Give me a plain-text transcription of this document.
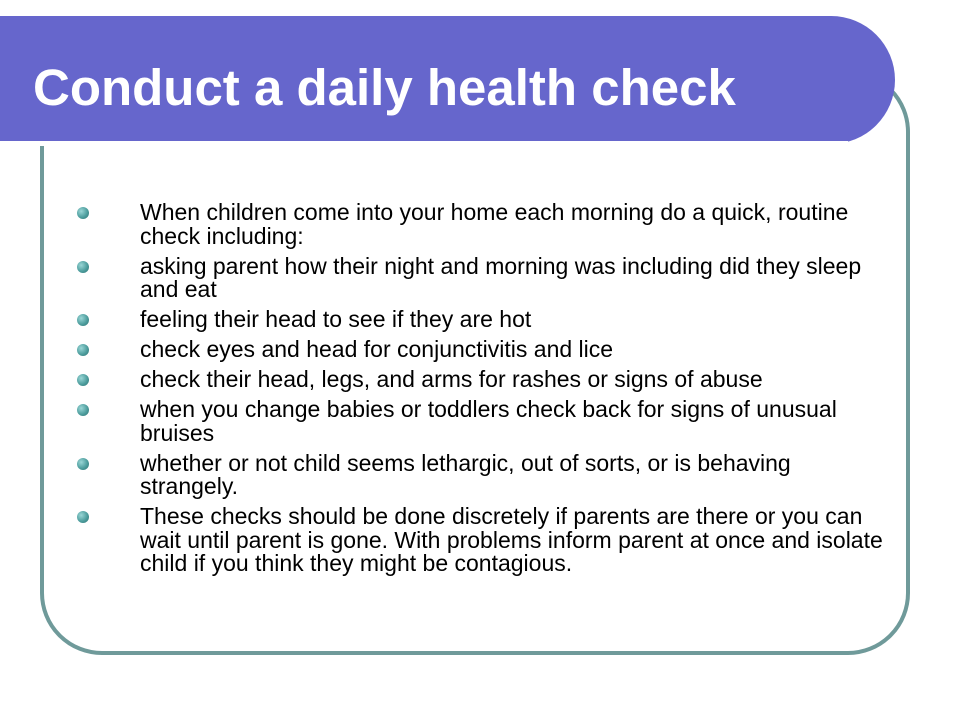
Conduct a daily health check
When children come into your home each morning do a quick, routine check including:
asking parent how their night and morning was including did they sleep and eat
feeling their head to see if they are hot
check eyes and head for conjunctivitis and lice
check their head, legs, and arms for rashes or signs of abuse
when you change babies or toddlers check back for signs of unusual bruises
whether or not child seems lethargic, out of sorts, or is behaving strangely.
These checks should be done discretely if parents are there or you can wait until parent is gone. With problems inform parent at once and isolate child if you think they might be contagious.
